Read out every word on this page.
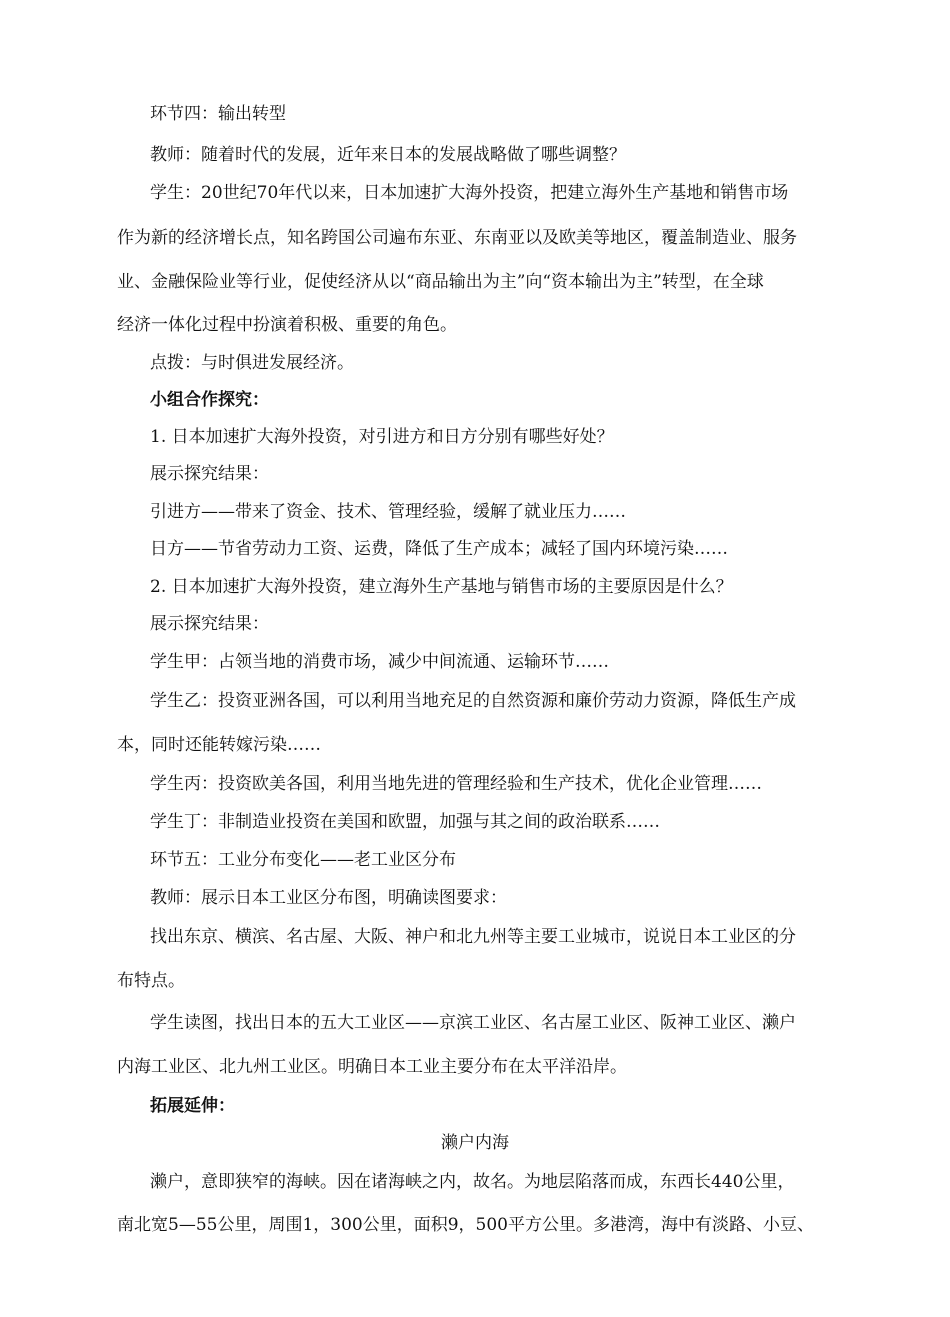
环节四：输出转型
教师：随着时代的发展，近年来日本的发展战略做了哪些调整？
学生：20世纪70年代以来，日本加速扩大海外投资，把建立海外生产基地和销售市场
作为新的经济增长点，知名跨国公司遍布东亚、东南亚以及欧美等地区，覆盖制造业、服务
业、金融保险业等行业，促使经济从以“商品输出为主”向“资本输出为主”转型，在全球
经济一体化过程中扮演着积极、重要的角色。
点拨：与时俱进发展经济。
小组合作探究：
1. 日本加速扩大海外投资，对引进方和日方分别有哪些好处？
展示探究结果：
引进方——带来了资金、技术、管理经验，缓解了就业压力……
日方——节省劳动力工资、运费，降低了生产成本；减轻了国内环境污染……
2. 日本加速扩大海外投资，建立海外生产基地与销售市场的主要原因是什么？
展示探究结果：
学生甲：占领当地的消费市场，减少中间流通、运输环节……
学生乙：投资亚洲各国，可以利用当地充足的自然资源和廉价劳动力资源，降低生产成
本，同时还能转嫁污染……
学生丙：投资欧美各国，利用当地先进的管理经验和生产技术，优化企业管理……
学生丁：非制造业投资在美国和欧盟，加强与其之间的政治联系……
环节五：工业分布变化——老工业区分布
教师：展示日本工业区分布图，明确读图要求：
找出东京、横滨、名古屋、大阪、神户和北九州等主要工业城市，说说日本工业区的分
布特点。
学生读图，找出日本的五大工业区——京滨工业区、名古屋工业区、阪神工业区、濑户
内海工业区、北九州工业区。明确日本工业主要分布在太平洋沿岸。
拓展延伸：
濑户内海
濑户，意即狭窄的海峡。因在诸海峡之内，故名。为地层陷落而成，东西长440公里，
南北宽5—55公里，周围1，300公里，面积9，500平方公里。多港湾，海中有淡路、小豆、
